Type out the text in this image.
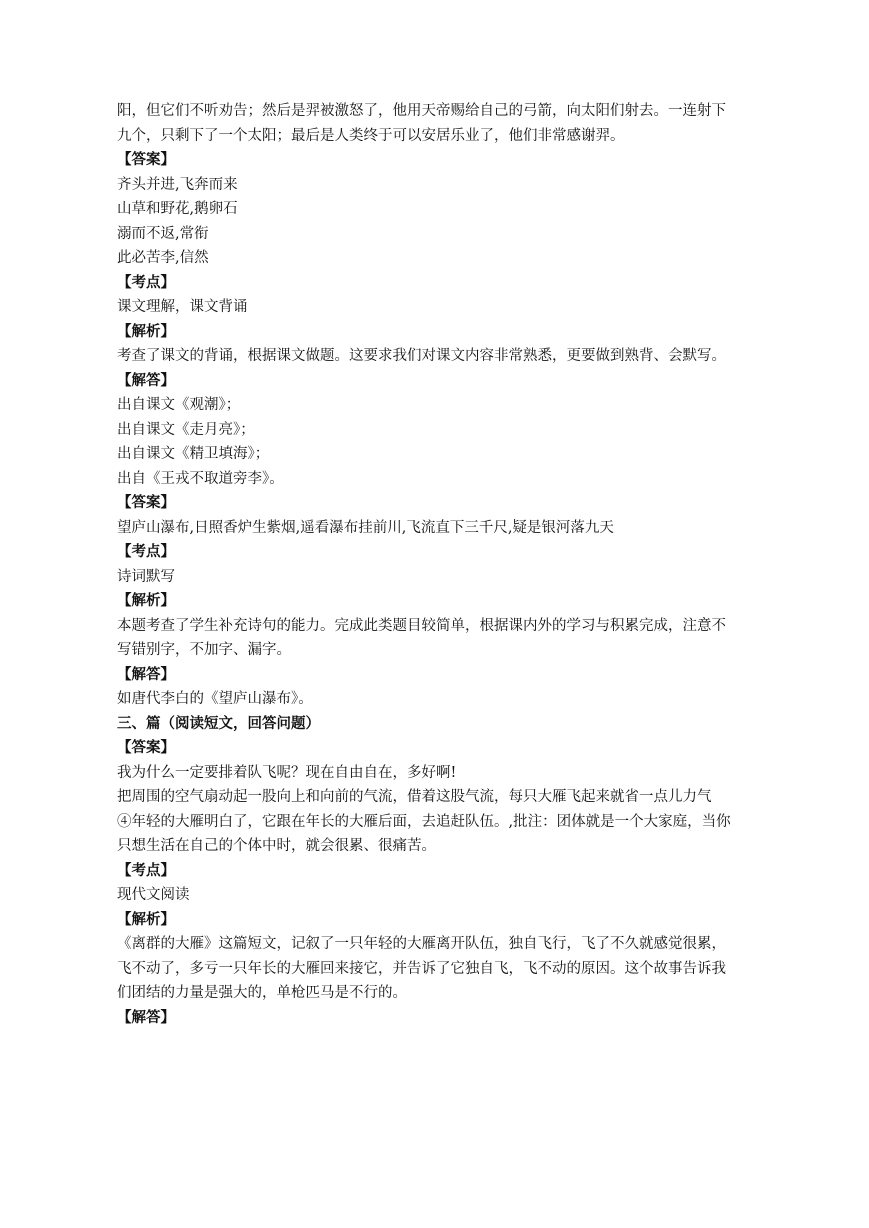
阳，但它们不听劝告；然后是羿被激怒了，他用天帝赐给自己的弓箭，向太阳们射去。一连射下九个，只剩下了一个太阳；最后是人类终于可以安居乐业了，他们非常感谢羿。

【答案】

齐头并进,飞奔而来

山草和野花,鹅卵石

溺而不返,常衔

此必苦李,信然

【考点】

课文理解，课文背诵

【解析】

考查了课文的背诵，根据课文做题。这要求我们对课文内容非常熟悉，更要做到熟背、会默写。

【解答】

出自课文《观潮》；

出自课文《走月亮》；

出自课文《精卫填海》；

出自《王戎不取道旁李》。

【答案】

望庐山瀑布,日照香炉生紫烟,遥看瀑布挂前川,飞流直下三千尺,疑是银河落九天

【考点】

诗词默写

【解析】

本题考查了学生补充诗句的能力。完成此类题目较简单，根据课内外的学习与积累完成，注意不写错别字，不加字、漏字。

【解答】

如唐代李白的《望庐山瀑布》。

三、篇（阅读短文，回答问题）

【答案】

我为什么一定要排着队飞呢？现在自由自在，多好啊!

把周围的空气扇动起一股向上和向前的气流，借着这股气流，每只大雁飞起来就省一点儿力气

④年轻的大雁明白了，它跟在年长的大雁后面，去追赶队伍。,批注：团体就是一个大家庭，当你只想生活在自己的个体中时，就会很累、很痛苦。

【考点】

现代文阅读

【解析】

《离群的大雁》这篇短文，记叙了一只年轻的大雁离开队伍，独自飞行，飞了不久就感觉很累，飞不动了，多亏一只年长的大雁回来接它，并告诉了它独自飞，飞不动的原因。这个故事告诉我们团结的力量是强大的，单枪匹马是不行的。

【解答】
